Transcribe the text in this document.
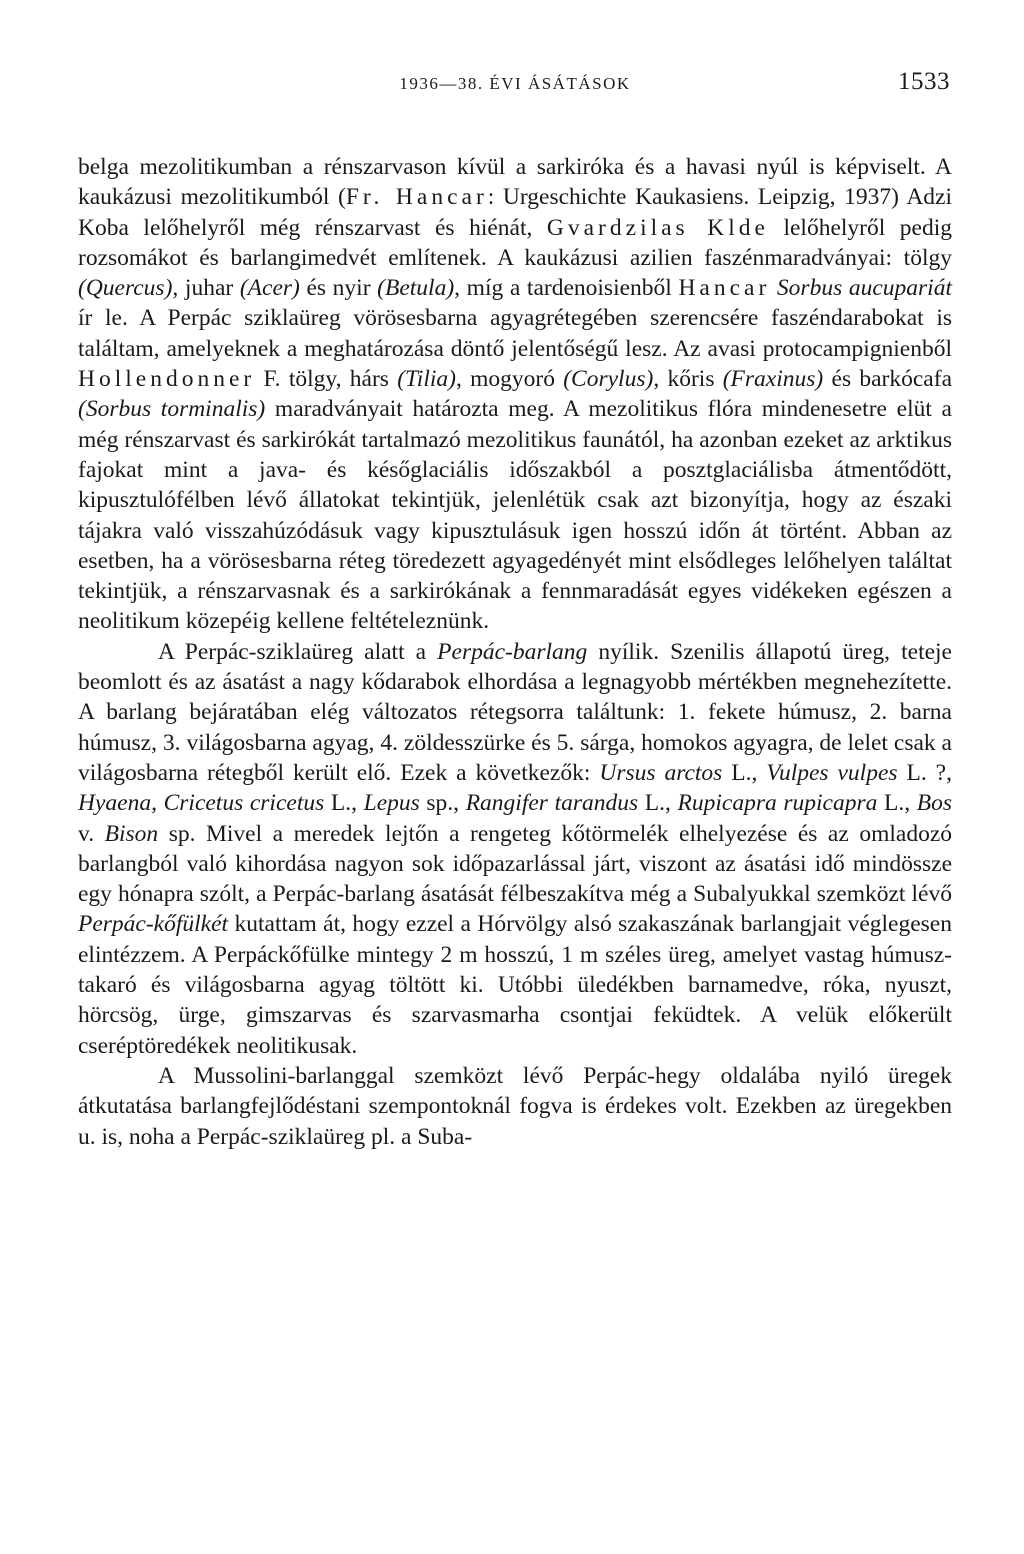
1936—38. ÉVI ÁSÁTÁSOK	1533

belga mezolitikumban a rénszarvason kívül a sarkiróka és a havasi nyúl is képviselt. A kaukázusi mezolitikumból (Fr. Hancar: Urgeschichte Kaukasiens. Leipzig, 1937) Adzi Koba lelőhelyről még rénszarvast és hiénát, Gvardzilas Klde lelőhelyről pedig rozsomákot és barlangimedvét említenek. A kaukázusi azilien faszénmaradványai: tölgy (Quercus), juhar (Acer) és nyir (Betula), míg a tardenoisienből Hancar Sorbus aucupariát ír le. A Perpác sziklaüreg vörösesbarna agyagrétegében szerencsére faszéndarabokat is találtam, amelyeknek a meghatározása döntő jelentőségű lesz. Az avasi protocampignienből Hollendonner F. tölgy, hárs (Tilia), mogyoró (Corylus), kőris (Fraxinus) és barkócafa (Sorbus torminalis) maradványait határozta meg. A mezolitikus flóra mindenesetre elüt a még rénszarvast és sarkirókát tartalmazó mezolitikus faunától, ha azonban ezeket az arktikus fajokat mint a java- és későglaciális időszakból a posztglaciálisba átmentődött, kipusztulófélben lévő állatokat tekintjük, jelenlétük csak azt bizonyítja, hogy az északi tájakra való visszahúzódásuk vagy kipusztulásuk igen hosszú időn át történt. Abban az esetben, ha a vörösesbarna réteg töredezett agyagedényét mint elsődleges lelőhelyen találtat tekintjük, a rénszarvasnak és a sarkirókának a fennmaradását egyes vidékeken egészen a neolitikum közepéig kellene feltételeznünk.

A Perpác-sziklaüreg alatt a Perpác-barlang nyílik. Szenilis állapotú üreg, teteje beomlott és az ásatást a nagy kődarabok elhordása a legnagyobb mértékben megnehezítette. A barlang bejáratában elég változatos rétegsorra találtunk: 1. fekete húmusz, 2. barna húmusz, 3. világosbarna agyag, 4. zöldesszürke és 5. sárga, homokos agyagra, de lelet csak a világosbarna rétegből került elő. Ezek a következők: Ursus arctos L., Vulpes vulpes L. ?, Hyaena, Cricetus cricetus L., Lepus sp., Rangifer tarandus L., Rupicapra rupicapra L., Bos v. Bison sp. Mivel a meredek lejtőn a rengeteg kőtörmelék elhelyezése és az omladozó barlangból való kihordása nagyon sok időpazarlással járt, viszont az ásatási idő mindössze egy hónapra szólt, a Perpác-barlang ásatását félbeszakítva még a Subalyukkal szemközt lévő Perpác-kőfülkét kutattam át, hogy ezzel a Hórvölgy alsó szakaszának barlangjait véglegesen elintézzem. A Perpáckőfülke mintegy 2 m hosszú, 1 m széles üreg, amelyet vastag húmusztakaró és világosbarna agyag töltött ki. Utóbbi üledékben barnamedve, róka, nyuszt, hörcsög, ürge, gimszarvas és szarvasmarha csontjai feküdtek. A velük előkerült cseréptöredékek neolitikusak.

A Mussolini-barlanggal szemközt lévő Perpác-hegy oldalába nyiló üregek átkutatása barlangfejlődéstani szempontoknál fogva is érdekes volt. Ezekben az üregekben u. is, noha a Perpác-sziklaüreg pl. a Suba-
